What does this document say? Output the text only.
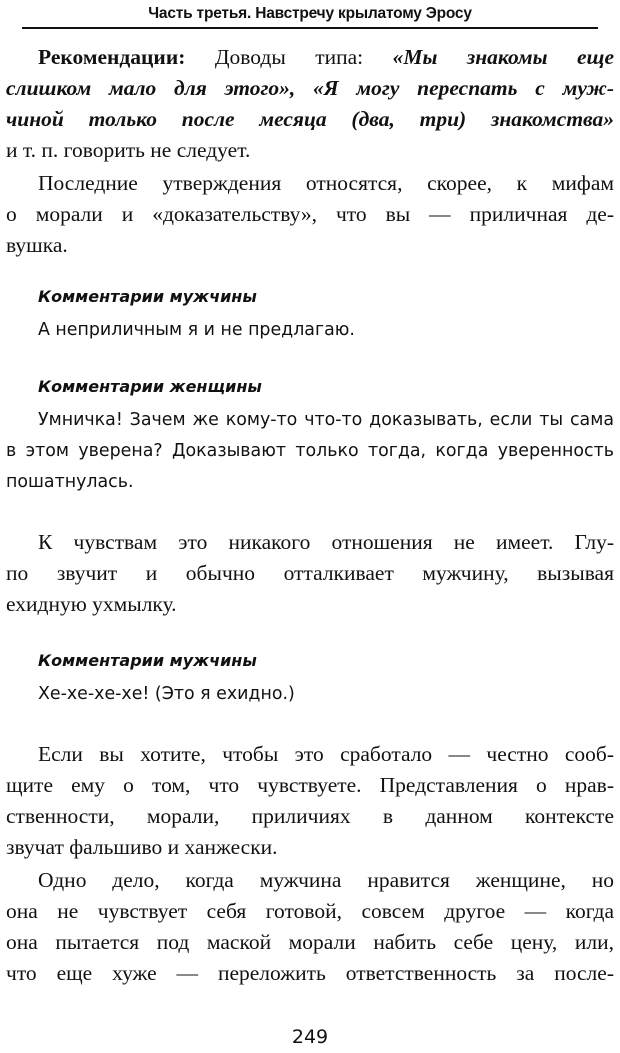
Часть третья. Навстречу крылатому Эросу
Рекомендации: Доводы типа: «Мы знакомы еще
слишком мало для этого», «Я могу переспать с муж-
чиной только после месяца (два, три) знакомства»
и т. п. говорить не следует.
Последние утверждения относятся, скорее, к мифам
о морали и «доказательству», что вы — приличная де-
вушка.
Комментарии мужчины
А неприличным я и не предлагаю.
Комментарии женщины
Умничка! Зачем же кому-то что-то доказывать, если ты сама
в этом уверена? Доказывают только тогда, когда уверенность
пошатнулась.
К чувствам это никакого отношения не имеет. Глу-
по звучит и обычно отталкивает мужчину, вызывая
ехидную ухмылку.
Комментарии мужчины
Хе-хе-хе-хе! (Это я ехидно.)
Если вы хотите, чтобы это сработало — честно сооб-
щите ему о том, что чувствуете. Представления о нрав-
ственности, морали, приличиях в данном контексте
звучат фальшиво и ханжески.
Одно дело, когда мужчина нравится женщине, но
она не чувствует себя готовой, совсем другое — когда
она пытается под маской морали набить себе цену, или,
что еще хуже — переложить ответственность за после-
249
